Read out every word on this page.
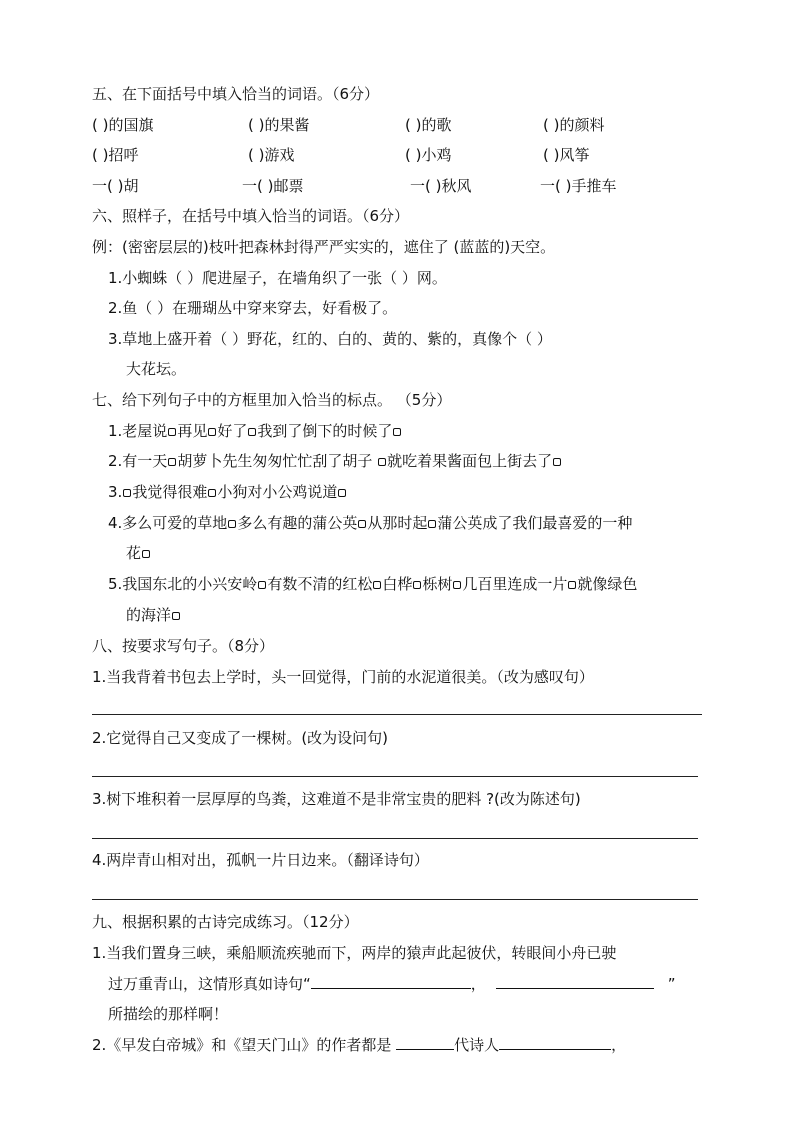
五、在下面括号中填入恰当的词语。（6分）
( )的国旗	( )的果酱	( )的歌	( )的颜料
( )招呼	( )游戏	( )小鸡	( )风筝
一( )胡	一( )邮票	一( )秋风	一( )手推车
六、照样子，在括号中填入恰当的词语。（6分）
例：(密密层层的)枝叶把森林封得严严实实的，遮住了 (蓝蓝的)天空。
1.小蜘蛛（ ）爬进屋子，在墙角织了一张（ ）网。
2.鱼（ ）在珊瑚丛中穿来穿去，好看极了。
3.草地上盛开着（ ）野花，红的、白的、黄的、紫的，真像个（ ）
大花坛。
七、给下列句子中的方框里加入恰当的标点。 （5分）
1.老屋说 再见 好了 我到了倒下的时候了
2.有一天 胡萝卜先生匆匆忙忙刮了胡子 就吃着果酱面包上街去了
3. 我觉得很难 小狗对小公鸡说道
4.多么可爱的草地 多么有趣的蒲公英 从那时起 蒲公英成了我们最喜爱的一种
花
5.我国东北的小兴安岭 有数不清的红松 白桦 栎树 几百里连成一片 就像绿色
的海洋
八、按要求写句子。（8分）
1.当我背着书包去上学时，头一回觉得，门前的水泥道很美。（改为感叹句）
2.它觉得自己又变成了一棵树。(改为设问句)
3.树下堆积着一层厚厚的鸟粪，这难道不是非常宝贵的肥料 ?(改为陈述句)
4.两岸青山相对出，孤帆一片日边来。（翻译诗句）
九、根据积累的古诗完成练习。（12分）
1.当我们置身三峡，乘船顺流疾驰而下，两岸的猿声此起彼伏，转眼间小舟已驶
过万重青山，这情形真如诗句“	，	”
所描绘的那样啊！
2.《早发白帝城》和《望天门山》的作者都是	代诗人	，
